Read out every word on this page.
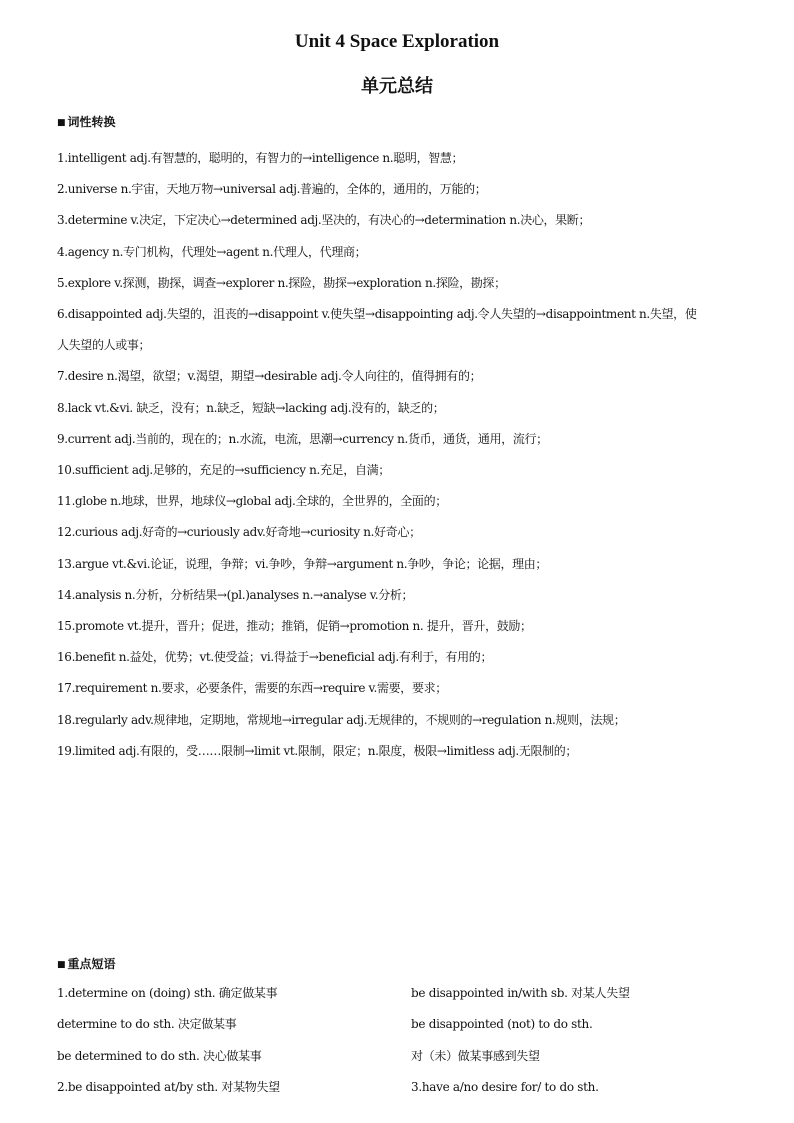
Unit 4 Space Exploration
单元总结
■ 词性转换
1.intelligent adj.有智慧的，聪明的，有智力的→intelligence n.聪明，智慧；
2.universe n.宇宙，天地万物→universal adj.普遍的，全体的，通用的，万能的；
3.determine v.决定，下定决心→determined adj.坚决的，有决心的→determination n.决心，果断；
4.agency n.专门机构，代理处→agent n.代理人，代理商；
5.explore v.探测，勘探，调查→explorer n.探险，勘探→exploration n.探险，勘探；
6.disappointed adj.失望的，沮丧的→disappoint v.使失望→disappointing adj.令人失望的→disappointment n.失望，使
人失望的人或事；
7.desire n.渴望，欲望；v.渴望，期望→desirable adj.令人向往的，值得拥有的；
8.lack vt.&vi. 缺乏，没有；n.缺乏，短缺→lacking adj.没有的，缺乏的；
9.current adj.当前的，现在的；n.水流，电流，思潮→currency n.货币，通货，通用，流行；
10.sufficient adj.足够的，充足的→sufficiency n.充足，自满；
11.globe n.地球，世界，地球仪→global adj.全球的，全世界的，全面的；
12.curious adj.好奇的→curiously adv.好奇地→curiosity n.好奇心；
13.argue vt.&vi.论证，说理，争辩；vi.争吵，争辩→argument n.争吵，争论；论据，理由；
14.analysis n.分析，分析结果→(pl.)analyses n.→analyse v.分析；
15.promote vt.提升，晋升；促进，推动；推销，促销→promotion n. 提升，晋升，鼓励；
16.benefit n.益处，优势；vt.使受益；vi.得益于→beneficial adj.有利于，有用的；
17.requirement n.要求，必要条件，需要的东西→require v.需要，要求；
18.regularly adv.规律地，定期地，常规地→irregular adj.无规律的，不规则的→regulation n.规则，法规；
19.limited adj.有限的，受……限制→limit vt.限制，限定；n.限度，极限→limitless adj.无限制的；
■ 重点短语
1.determine on (doing) sth. 确定做某事	be disappointed in/with sb. 对某人失望
determine to do sth. 决定做某事	be disappointed (not) to do sth.
be determined to do sth. 决心做某事	对（未）做某事感到失望
2.be disappointed at/by sth. 对某物失望	3.have a/no desire for/ to do sth.
